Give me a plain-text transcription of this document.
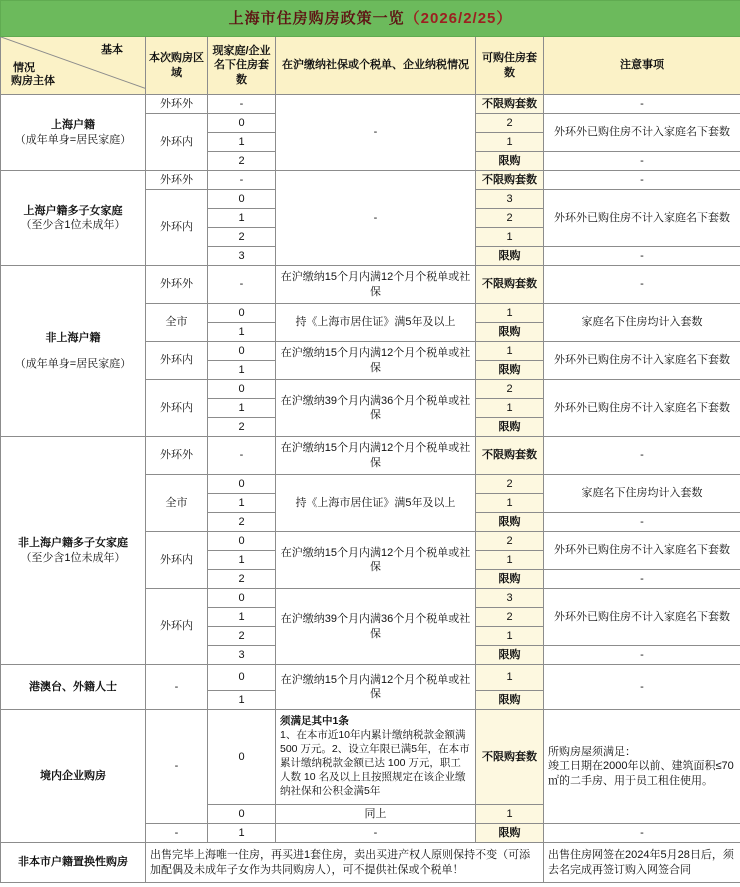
上海市住房购房政策一览（2026/2/25）					

基本
情况
购房主体	本次购房区域	现家庭/企业名下住房套数	在沪缴纳社保或个税单、企业纳税情况	可购住房套数	注意事项

上海户籍
（成年单身=居民家庭）	外环外	-	-	不限购套数	-
	外环内	0		2	外环外已购住房不计入家庭名下套数
		1		1	
		2		限购	-

上海户籍多子女家庭
（至少含1位未成年）	外环外	-	-	不限购套数	-
	外环内	0		3	外环外已购住房不计入家庭名下套数
		1		2	
		2		1	
		3		限购	-

非上海户籍
（成年单身=居民家庭）	外环外	-	在沪缴纳15个月内满12个月个税单或社保	不限购套数	-
	全市	0	持《上海市居住证》满5年及以上	1	家庭名下住房均计入套数
		1		限购	
	外环内	0	在沪缴纳15个月内满12个月个税单或社保	1	外环外已购住房不计入家庭名下套数
		1		限购	
	外环内	0	在沪缴纳39个月内满36个月个税单或社保	2	外环外已购住房不计入家庭名下套数
		1		1	
		2		限购	

非上海户籍多子女家庭
（至少含1位未成年）	外环外	-	在沪缴纳15个月内满12个月个税单或社保	不限购套数	-
	全市	0	持《上海市居住证》满5年及以上	2	家庭名下住房均计入套数
		1		1	
		2		限购	-
	外环内	0	在沪缴纳15个月内满12个月个税单或社保	2	外环外已购住房不计入家庭名下套数
		1		1	
		2		限购	-
	外环内	0	在沪缴纳39个月内满36个月个税单或社保	3	外环外已购住房不计入家庭名下套数
		1		2	
		2		1	
		3		限购	-

港澳台、外籍人士	-	0	在沪缴纳15个月内满12个月个税单或社保	1	-
		1		限购	

境内企业购房	-	0	须满足其中1条
1、在本市近10年内累计缴纳税款金额满 500 万元。2、设立年限已满5年，在本市累计缴纳税款金额已达 100 万元，职工人数 10 名及以上且按照规定在该企业缴纳社保和公积金满5年	不限购套数	所购房屋须满足：
竣工日期在2000年以前、建筑面积≤70㎡的二手房、用于员工租住使用。

		0	同上	1	
	-	1	-	限购	-

非本市户籍置换性购房	出售完毕上海唯一住房，再买进1套住房，卖出买进产权人原则保持不变（可添加配偶及未成年子女作为共同购房人），可不提供社保或个税单！				出售住房网签在2024年5月28日后，须去名完成再签订购入网签合同
